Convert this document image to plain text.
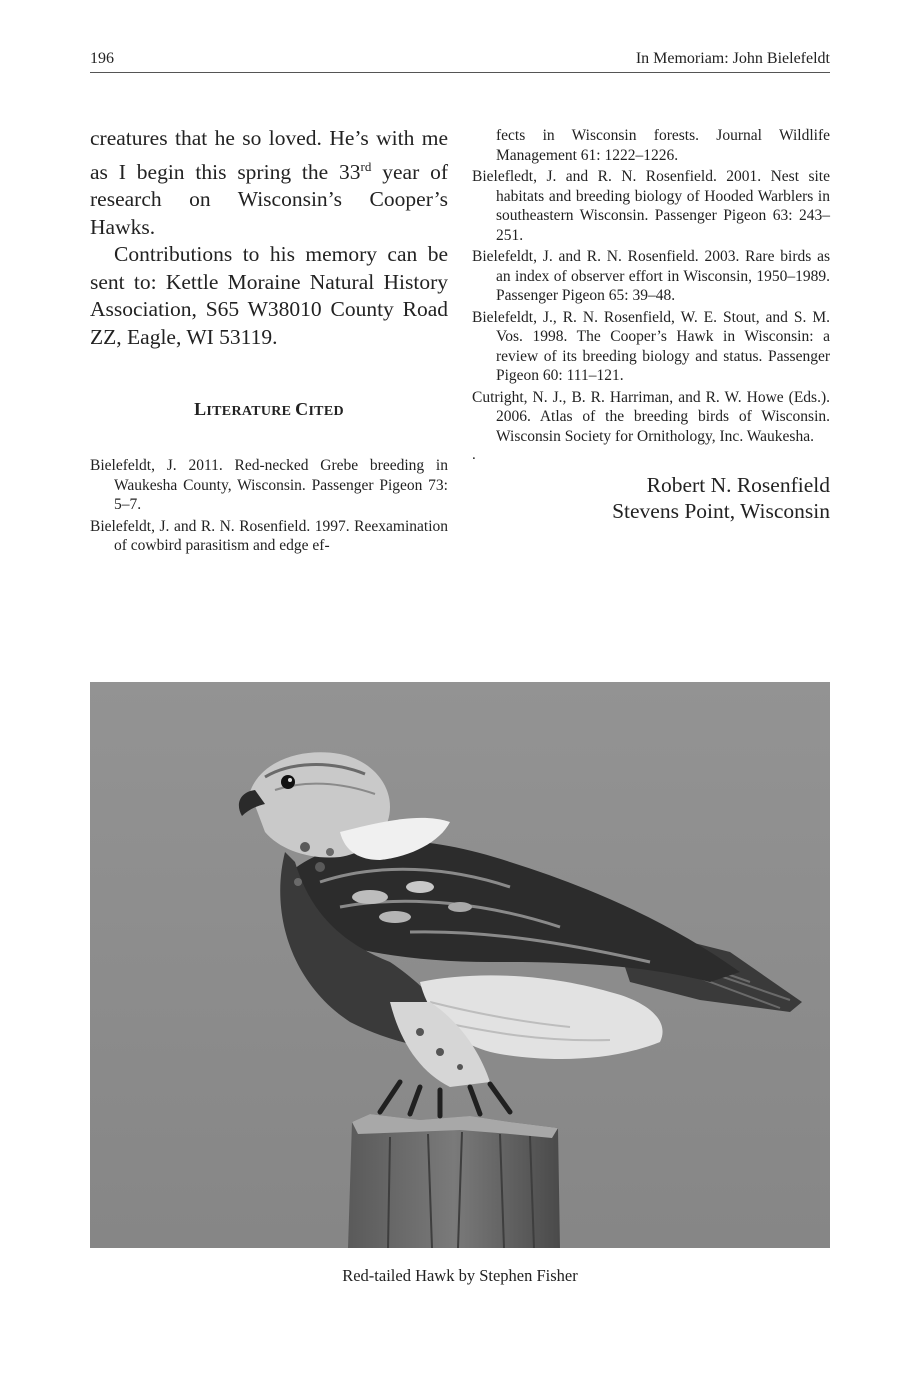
196	In Memoriam: John Bielefeldt

creatures that he so loved. He’s with me as I begin this spring the 33rd year of research on Wisconsin’s Cooper’s Hawks.

Contributions to his memory can be sent to: Kettle Moraine Natural History Association, S65 W38010 County Road ZZ, Eagle, WI 53119.

LITERATURE CITED

Bielefeldt, J. 2011. Red-necked Grebe breeding in Waukesha County, Wisconsin. Passenger Pigeon 73: 5–7.

Bielefeldt, J. and R. N. Rosenfield. 1997. Reexamination of cowbird parasitism and edge ef-

fects in Wisconsin forests. Journal Wildlife Management 61: 1222–1226.

Bielefledt, J. and R. N. Rosenfield. 2001. Nest site habitats and breeding biology of Hooded Warblers in southeastern Wisconsin. Passenger Pigeon 63: 243–251.

Bielefeldt, J. and R. N. Rosenfield. 2003. Rare birds as an index of observer effort in Wisconsin, 1950–1989. Passenger Pigeon 65: 39–48.

Bielefeldt, J., R. N. Rosenfield, W. E. Stout, and S. M. Vos. 1998. The Cooper’s Hawk in Wisconsin: a review of its breeding biology and status. Passenger Pigeon 60: 111–121.

Cutright, N. J., B. R. Harriman, and R. W. Howe (Eds.). 2006. Atlas of the breeding birds of Wisconsin. Wisconsin Society for Ornithology, Inc. Waukesha.

.

Robert N. Rosenfield
Stevens Point, Wisconsin
Red-tailed Hawk by Stephen Fisher
